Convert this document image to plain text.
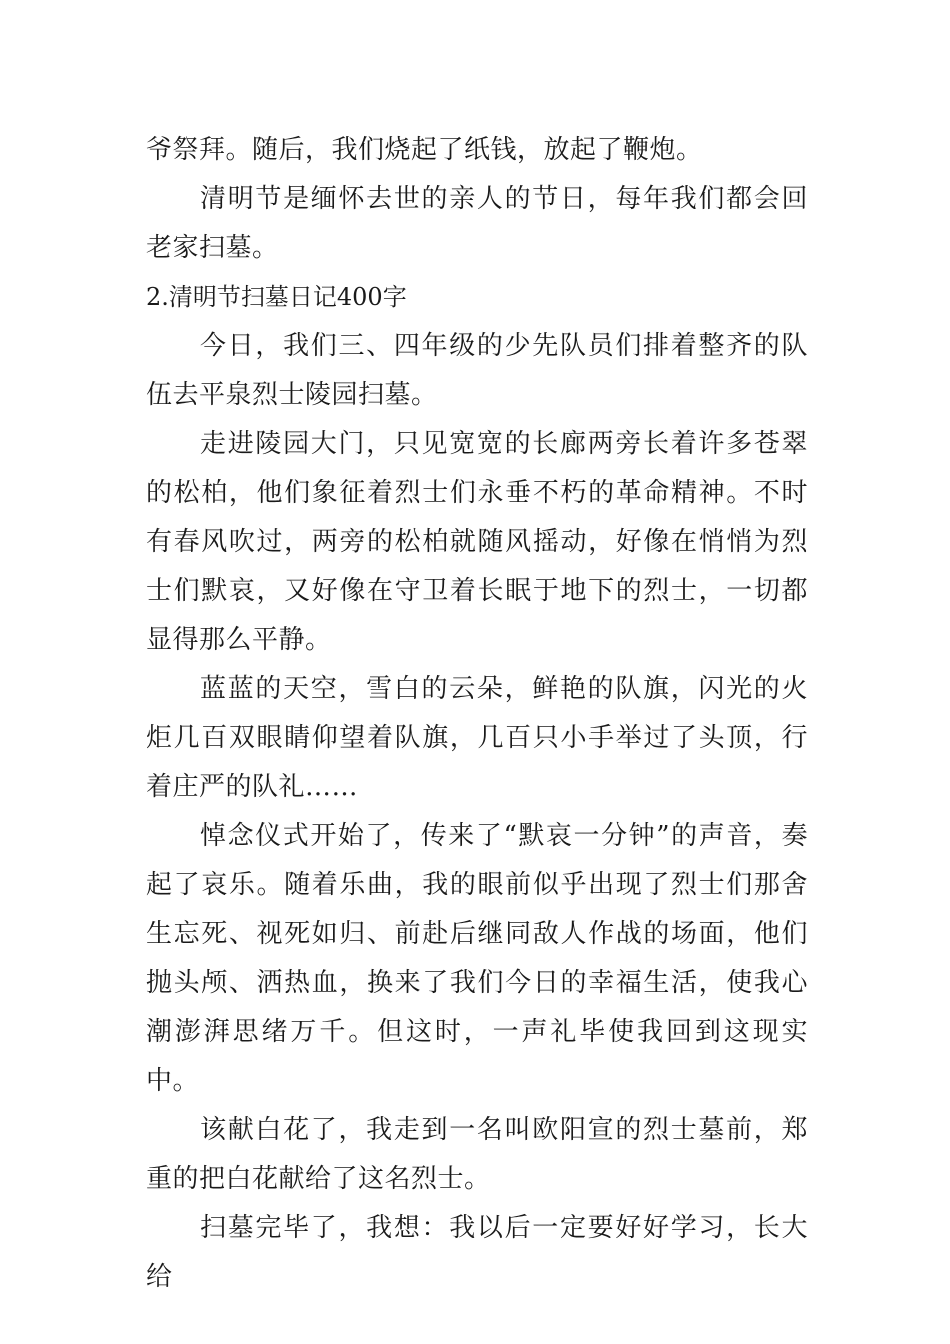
爷祭拜。随后，我们烧起了纸钱，放起了鞭炮。

清明节是缅怀去世的亲人的节日，每年我们都会回老家扫墓。

2.清明节扫墓日记400字

今日，我们三、四年级的少先队员们排着整齐的队伍去平泉烈士陵园扫墓。

走进陵园大门，只见宽宽的长廊两旁长着许多苍翠的松柏，他们象征着烈士们永垂不朽的革命精神。不时有春风吹过，两旁的松柏就随风摇动，好像在悄悄为烈士们默哀，又好像在守卫着长眠于地下的烈士，一切都显得那么平静。

蓝蓝的天空，雪白的云朵，鲜艳的队旗，闪光的火炬几百双眼睛仰望着队旗，几百只小手举过了头顶，行着庄严的队礼……

悼念仪式开始了，传来了“默哀一分钟”的声音，奏起了哀乐。随着乐曲，我的眼前似乎出现了烈士们那舍生忘死、视死如归、前赴后继同敌人作战的场面，他们抛头颅、洒热血，换来了我们今日的幸福生活，使我心潮澎湃思绪万千。但这时，一声礼毕使我回到这现实中。

该献白花了，我走到一名叫欧阳宣的烈士墓前，郑重的把白花献给了这名烈士。

扫墓完毕了，我想：我以后一定要好好学习，长大给
